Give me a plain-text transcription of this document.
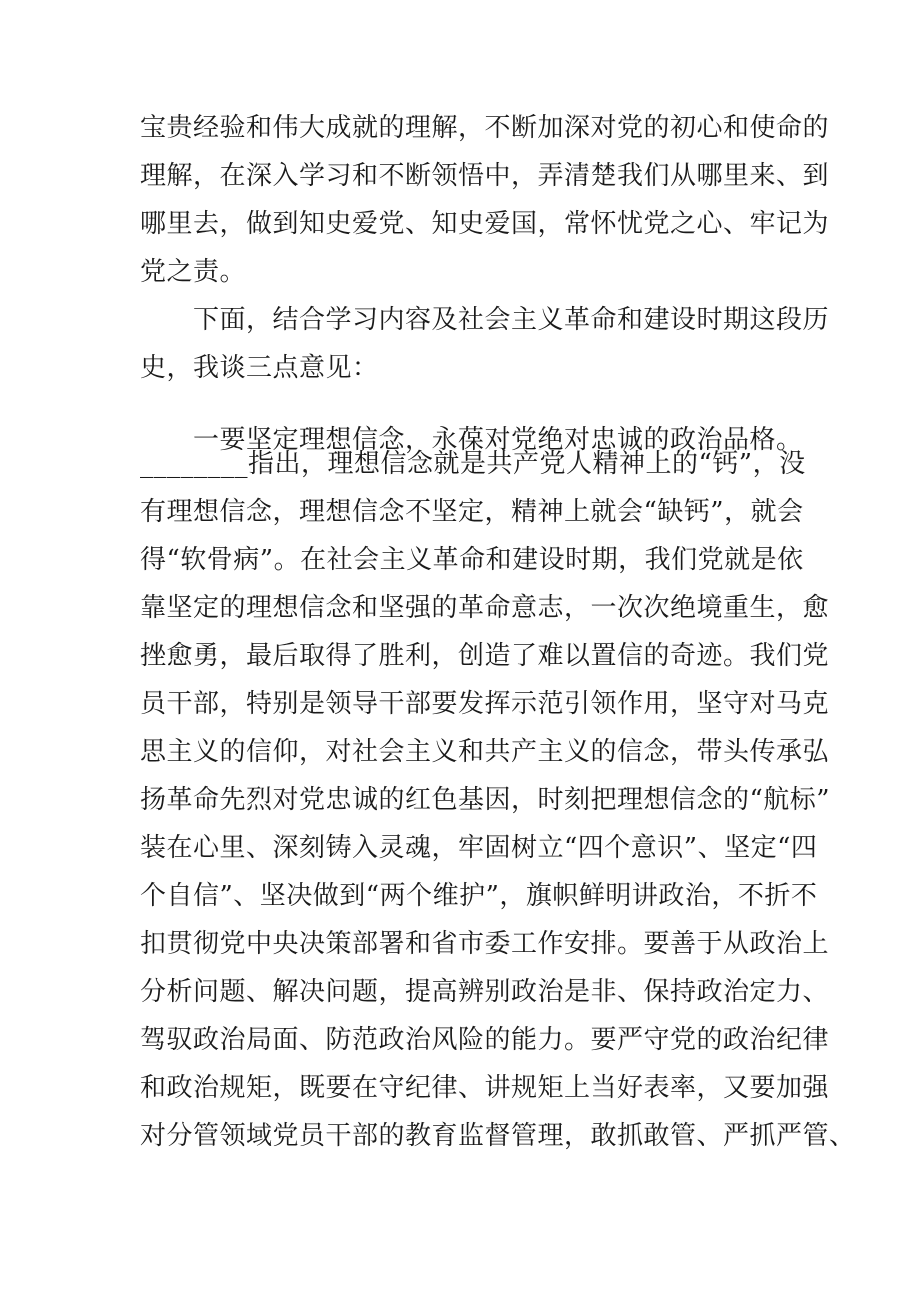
宝贵经验和伟大成就的理解，不断加深对党的初心和使命的
理解，在深入学习和不断领悟中，弄清楚我们从哪里来、到
哪里去，做到知史爱党、知史爱国，常怀忧党之心、牢记为
党之责。
　　下面，结合学习内容及社会主义革命和建设时期这段历
史，我谈三点意见：
　　一要坚定理想信念，永葆对党绝对忠诚的政治品格。
________指出，理想信念就是共产党人精神上的“钙”，没
有理想信念，理想信念不坚定，精神上就会“缺钙”，就会
得“软骨病”。在社会主义革命和建设时期，我们党就是依
靠坚定的理想信念和坚强的革命意志，一次次绝境重生，愈
挫愈勇，最后取得了胜利，创造了难以置信的奇迹。我们党
员干部，特别是领导干部要发挥示范引领作用，坚守对马克
思主义的信仰，对社会主义和共产主义的信念，带头传承弘
扬革命先烈对党忠诚的红色基因，时刻把理想信念的“航标”
装在心里、深刻铸入灵魂，牢固树立“四个意识”、坚定“四
个自信”、坚决做到“两个维护”，旗帜鲜明讲政治，不折不
扣贯彻党中央决策部署和省市委工作安排。要善于从政治上
分析问题、解决问题，提高辨别政治是非、保持政治定力、
驾驭政治局面、防范政治风险的能力。要严守党的政治纪律
和政治规矩，既要在守纪律、讲规矩上当好表率，又要加强
对分管领域党员干部的教育监督管理，敢抓敢管、严抓严管、
